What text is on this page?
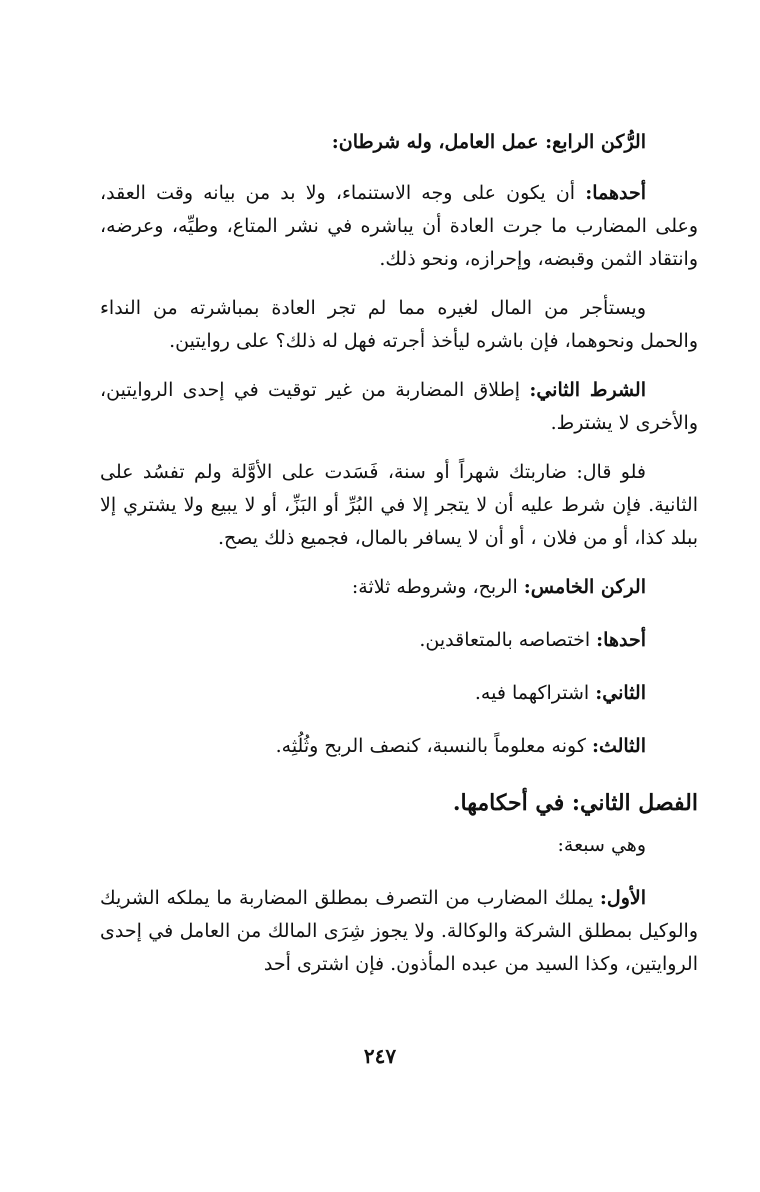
الرُّكن الرابع: عمل العامل، وله شرطان:

أحدهما: أن يكون على وجه الاستنماء، ولا بد من بيانه وقت العقد، وعلى المضارب ما جرت العادة أن يباشره في نشر المتاع، وطيِّه، وعرضه، وانتقاد الثمن وقبضه، وإحرازه، ونحو ذلك.

ويستأجر من المال لغيره مما لم تجر العادة بمباشرته من النداء والحمل ونحوهما، فإن باشره ليأخذ أجرته فهل له ذلك؟ على روايتين.

الشرط الثاني: إطلاق المضاربة من غير توقيت في إحدى الروايتين، والأخرى لا يشترط.

فلو قال: ضاربتك شهراً أو سنة، فَسَدت على الأوَّلة ولم تفسُد على الثانية. فإن شرط عليه أن لا يتجر إلا في البُرِّ أو البَزِّ، أو لا يبيع ولا يشتري إلا ببلد كذا، أو من فلان ، أو أن لا يسافر بالمال، فجميع ذلك يصح.

الركن الخامس: الربح، وشروطه ثلاثة:

أحدها: اختصاصه بالمتعاقدين.

الثاني: اشتراكهما فيه.

الثالث: كونه معلوماً بالنسبة، كنصف الربح وثُلُثِه.

الفصل الثاني: في أحكامها.

وهي سبعة:

الأول: يملك المضارب من التصرف بمطلق المضاربة ما يملكه الشريك والوكيل بمطلق الشركة والوكالة. ولا يجوز شِرَى المالك من العامل في إحدى الروايتين، وكذا السيد من عبده المأذون. فإن اشترى أحد

٢٤٧
